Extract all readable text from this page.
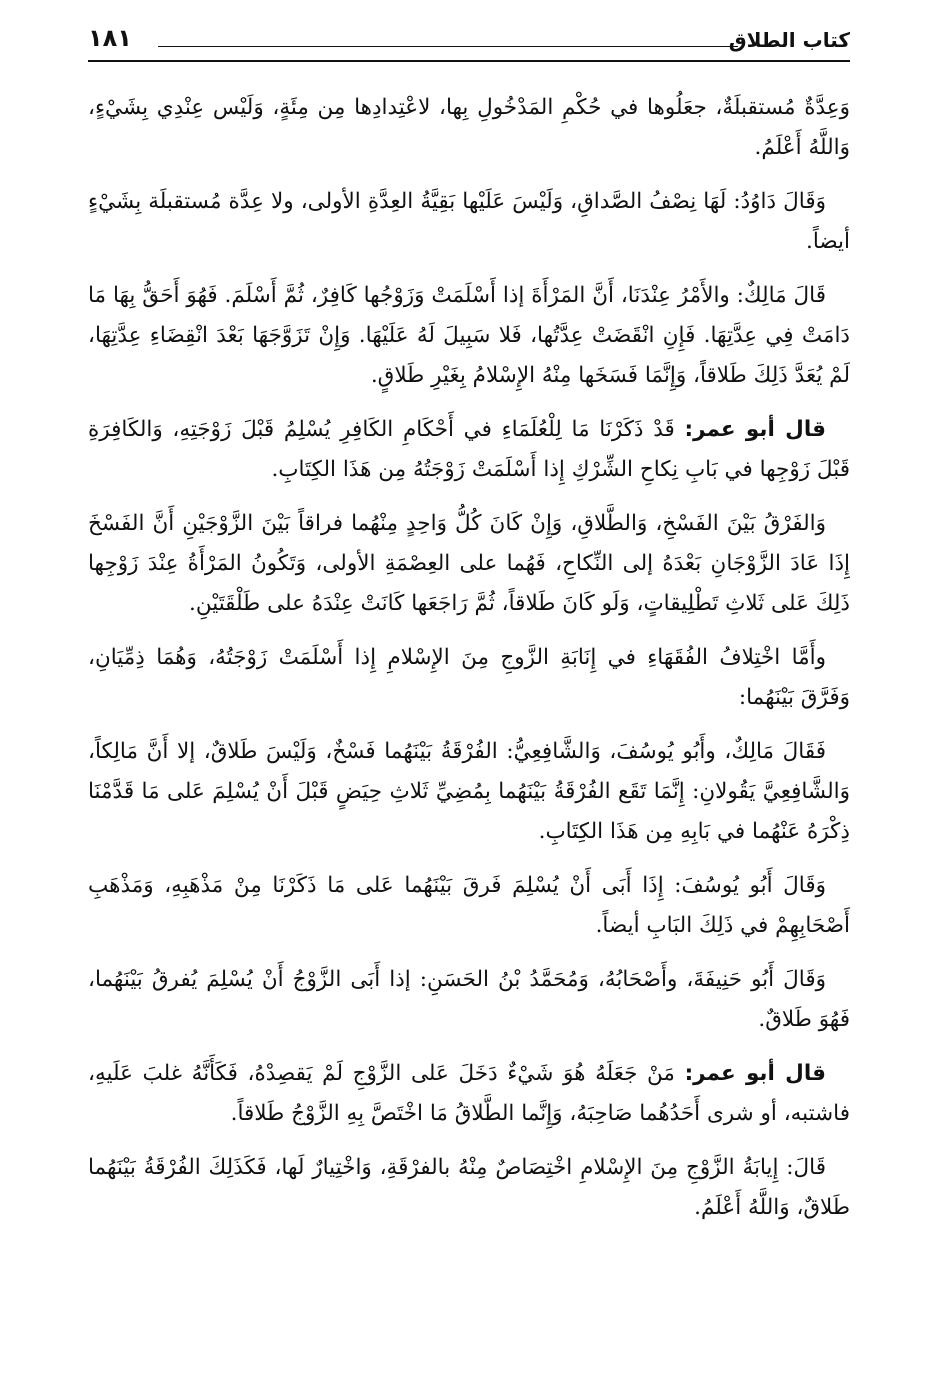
كتاب الطلاق
١٨١

وَعِدَّةٌ مُستقبلَةٌ، جعَلُوها في حُكْمِ المَدْخُولِ بِها، لاعْتِدادِها مِن مِئَةٍ، وَلَيْس عِنْدِي بِشَيْءٍ، وَاللَّهُ أَعْلَمُ.

وَقَالَ دَاوُدُ: لَهَا نِصْفُ الصَّداقِ، وَلَيْسَ عَلَيْها بَقِيَّةُ العِدَّةِ الأولى، ولا عِدَّة مُستقبلَة بِشَيْءٍ أيضاً.

قَالَ مَالِكٌ: والأَمْرُ عِنْدَنَا، أَنَّ المَرْأَةَ إذا أَسْلَمَتْ وَزَوْجُها كَافِرٌ، ثُمَّ أَسْلَمَ. فَهُوَ أَحَقُّ بِهَا مَا دَامَتْ فِي عِدَّتِهَا. فَإِنِ انْقَضَتْ عِدَّتُها، فَلا سَبِيلَ لَهُ عَلَيْهَا. وَإِنْ تَزَوَّجَهَا بَعْدَ انْقِضَاءِ عِدَّتِهَا، لَمْ يُعَدَّ ذَلِكَ طَلاقاً، وَإِنَّمَا فَسَخَها مِنْهُ الإِسْلامُ بِغَيْرِ طَلاقٍ.

قال أبو عمر: قَدْ ذَكَرْنَا مَا لِلْعُلَمَاءِ في أَحْكَامِ الكَافِرِ يُسْلِمُ قَبْلَ زَوْجَتِهِ، وَالكَافِرَةِ قَبْلَ زَوْجِها في بَابِ نِكاحِ الشِّرْكِ إِذا أَسْلَمَتْ زَوْجَتُهُ مِن هَذَا الكِتَابِ.

وَالفَرْقُ بَيْنَ الفَسْخِ، وَالطَّلاقِ، وَإِنْ كَانَ كُلُّ وَاحِدٍ مِنْهُما فراقاً بَيْنَ الزَّوْجَيْنِ أَنَّ الفَسْخَ إِذَا عَادَ الزَّوْجَانِ بَعْدَهُ إلى النِّكاحِ، فَهُما على العِصْمَةِ الأولى، وَتَكُونُ المَرْأَةُ عِنْدَ زَوْجِها ذَلِكَ عَلى ثَلاثِ تَطْلِيقاتٍ، وَلَو كَانَ طَلاقاً، ثُمَّ رَاجَعَها كَانَتْ عِنْدَهُ على طَلْقَتَيْنِ.

وأَمَّا اخْتِلافُ الفُقَهَاءِ في إِنَابَةِ الزَّوجِ مِنَ الإِسْلامِ إِذا أَسْلَمَتْ زَوْجَتُهُ، وَهُمَا ذِمِّيَانِ، وَفَرَّقَ بَيْنَهُما:

فَقَالَ مَالِكٌ، وأَبُو يُوسُفَ، وَالشَّافِعِيُّ: الفُرْقَةُ بَيْنَهُما فَسْخٌ، وَلَيْسَ طَلاقٌ، إلا أَنَّ مَالِكاً، وَالشَّافِعِيَّ يَقُولانِ: إِنَّمَا تَقَع الفُرْقَةُ بَيْنَهُما بِمُضِيِّ ثَلاثِ حِيَضٍ قَبْلَ أَنْ يُسْلِمَ عَلى مَا قَدَّمْنَا ذِكْرَهُ عَنْهُما في بَابِهِ مِن هَذَا الكِتَابِ.

وَقَالَ أَبُو يُوسُفَ: إِذَا أَبَى أَنْ يُسْلِمَ فَرقَ بَيْنَهُما عَلى مَا ذَكَرْنَا مِنْ مَذْهَبِهِ، وَمَذْهَبِ أَصْحَابِهِمْ في ذَلِكَ البَابِ أيضاً.

وَقَالَ أَبُو حَنِيفَةَ، وأَصْحَابُهُ، وَمُحَمَّدُ بْنُ الحَسَنِ: إذا أَبَى الزَّوْجُ أَنْ يُسْلِمَ يُفرقُ بَيْنَهُما، فَهُوَ طَلاقٌ.

قال أبو عمر: مَنْ جَعَلَهُ هُوَ شَيْءٌ دَخَلَ عَلى الزَّوْجِ لَمْ يَقصِدْهُ، فَكَأَنَّهُ غلبَ عَلَيهِ، فاشتبه، أو شرى أَحَدُهُما صَاحِبَهُ، وَإِنَّما الطَّلاقُ مَا اخْتَصَّ بِهِ الزَّوْجُ طَلاقاً.

قَالَ: إِيابَةُ الزَّوْجِ مِنَ الإِسْلامِ اخْتِصَاصٌ مِنْهُ بالفرْقَةِ، وَاخْتِيارٌ لَها، فَكَذَلِكَ الفُرْقَةُ بَيْنَهُما طَلاقٌ، وَاللَّهُ أَعْلَمُ.
